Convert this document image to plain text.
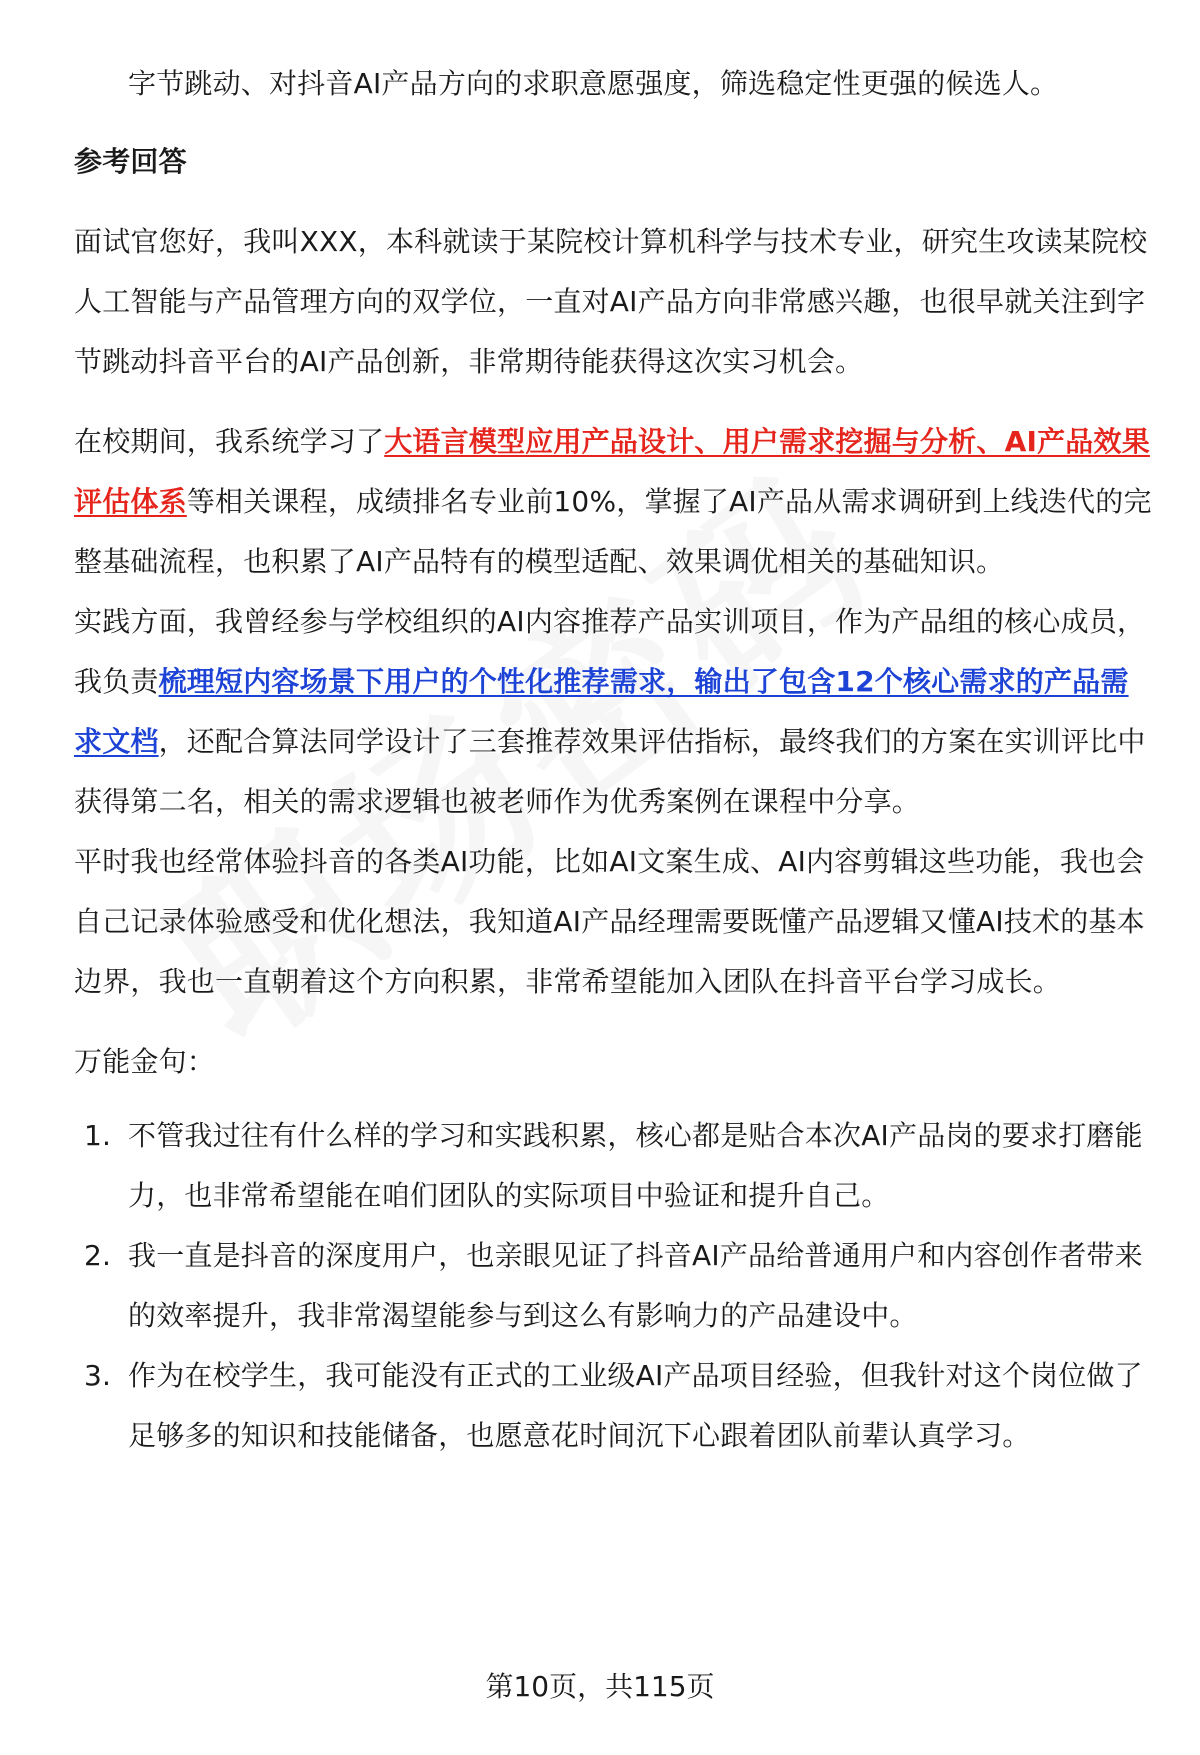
字节跳动、对抖音AI产品方向的求职意愿强度，筛选稳定性更强的候选人。

参考回答

面试官您好，我叫XXX，本科就读于某院校计算机科学与技术专业，研究生攻读某院校人工智能与产品管理方向的双学位，一直对AI产品方向非常感兴趣，也很早就关注到字节跳动抖音平台的AI产品创新，非常期待能获得这次实习机会。

在校期间，我系统学习了大语言模型应用产品设计、用户需求挖掘与分析、AI产品效果评估体系等相关课程，成绩排名专业前10%，掌握了AI产品从需求调研到上线迭代的完整基础流程，也积累了AI产品特有的模型适配、效果调优相关的基础知识。

实践方面，我曾经参与学校组织的AI内容推荐产品实训项目，作为产品组的核心成员，我负责梳理短内容场景下用户的个性化推荐需求，输出了包含12个核心需求的产品需求文档，还配合算法同学设计了三套推荐效果评估指标，最终我们的方案在实训评比中获得第二名，相关的需求逻辑也被老师作为优秀案例在课程中分享。

平时我也经常体验抖音的各类AI功能，比如AI文案生成、AI内容剪辑这些功能，我也会自己记录体验感受和优化想法，我知道AI产品经理需要既懂产品逻辑又懂AI技术的基本边界，我也一直朝着这个方向积累，非常希望能加入团队在抖音平台学习成长。

万能金句：

1. 不管我过往有什么样的学习和实践积累，核心都是贴合本次AI产品岗的要求打磨能力，也非常希望能在咱们团队的实际项目中验证和提升自己。
2. 我一直是抖音的深度用户，也亲眼见证了抖音AI产品给普通用户和内容创作者带来的效率提升，我非常渴望能参与到这么有影响力的产品建设中。
3. 作为在校学生，我可能没有正式的工业级AI产品项目经验，但我针对这个岗位做了足够多的知识和技能储备，也愿意花时间沉下心跟着团队前辈认真学习。
第10页，共115页
